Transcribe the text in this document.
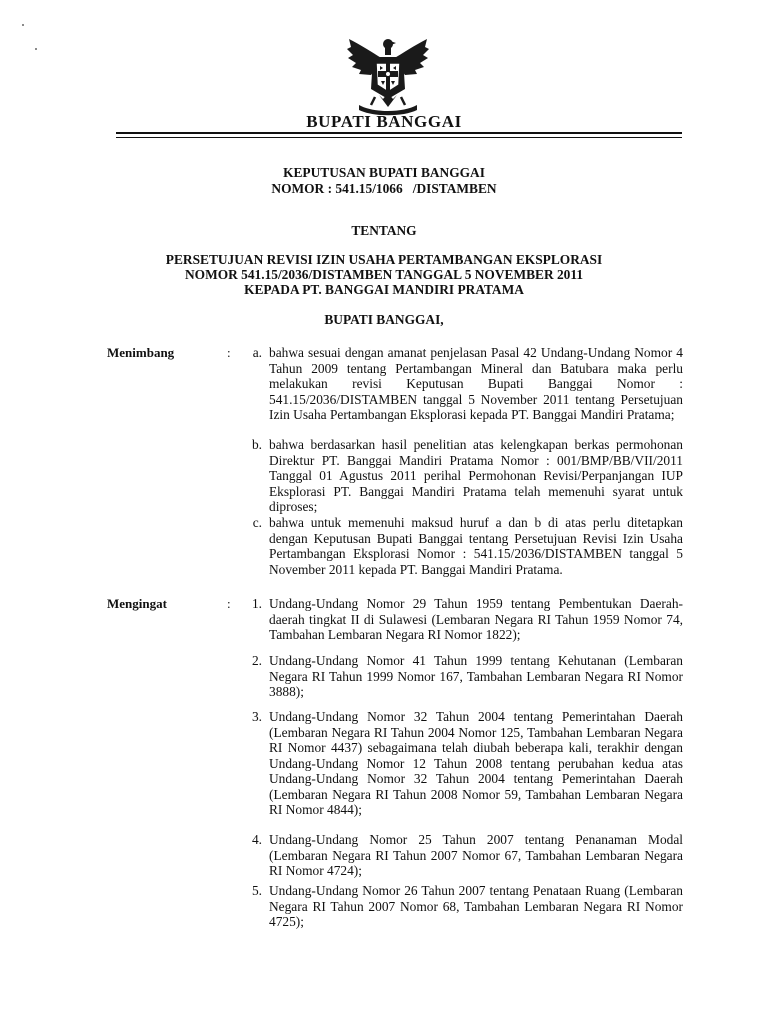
BUPATI BANGGAI
KEPUTUSAN BUPATI BANGGAI
NOMOR : 541.15/1066   /DISTAMBEN
TENTANG
PERSETUJUAN REVISI IZIN USAHA PERTAMBANGAN EKSPLORASI
NOMOR 541.15/2036/DISTAMBEN TANGGAL 5 NOVEMBER 2011
KEPADA PT. BANGGAI MANDIRI PRATAMA
BUPATI BANGGAI,
Menimbang	:	a. bahwa sesuai dengan amanat penjelasan Pasal 42 Undang-Undang Nomor 4 Tahun 2009 tentang Pertambangan Mineral dan Batubara maka perlu melakukan revisi Keputusan Bupati Banggai Nomor : 541.15/2036/DISTAMBEN tanggal 5 November 2011 tentang Persetujuan Izin Usaha Pertambangan Eksplorasi kepada PT. Banggai Mandiri Pratama;
b. bahwa berdasarkan hasil penelitian atas kelengkapan berkas permohonan Direktur PT. Banggai Mandiri Pratama Nomor : 001/BMP/BB/VII/2011 Tanggal 01 Agustus 2011 perihal Permohonan Revisi/Perpanjangan IUP Eksplorasi PT. Banggai Mandiri Pratama telah memenuhi syarat untuk diproses;
c. bahwa untuk memenuhi maksud huruf a dan b di atas perlu ditetapkan dengan Keputusan Bupati Banggai tentang Persetujuan Revisi Izin Usaha Pertambangan Eksplorasi Nomor : 541.15/2036/DISTAMBEN tanggal 5 November 2011 kepada PT. Banggai Mandiri Pratama.
Mengingat	:	1. Undang-Undang Nomor 29 Tahun 1959 tentang Pembentukan Daerah-daerah tingkat II di Sulawesi (Lembaran Negara RI Tahun 1959 Nomor 74, Tambahan Lembaran Negara RI Nomor 1822);
2. Undang-Undang Nomor 41 Tahun 1999 tentang Kehutanan (Lembaran Negara RI Tahun 1999 Nomor 167, Tambahan Lembaran Negara RI Nomor 3888);
3. Undang-Undang Nomor 32 Tahun 2004 tentang Pemerintahan Daerah (Lembaran Negara RI Tahun 2004 Nomor 125, Tambahan Lembaran Negara RI Nomor 4437) sebagaimana telah diubah beberapa kali, terakhir dengan Undang-Undang Nomor 12 Tahun 2008 tentang perubahan kedua atas Undang-Undang Nomor 32 Tahun 2004 tentang Pemerintahan Daerah (Lembaran Negara RI Tahun 2008 Nomor 59, Tambahan Lembaran Negara RI Nomor 4844);
4. Undang-Undang Nomor 25 Tahun 2007 tentang Penanaman Modal (Lembaran Negara RI Tahun 2007 Nomor 67, Tambahan Lembaran Negara RI Nomor 4724);
5. Undang-Undang Nomor 26 Tahun 2007 tentang Penataan Ruang (Lembaran Negara RI Tahun 2007 Nomor 68, Tambahan Lembaran Negara RI Nomor 4725);
